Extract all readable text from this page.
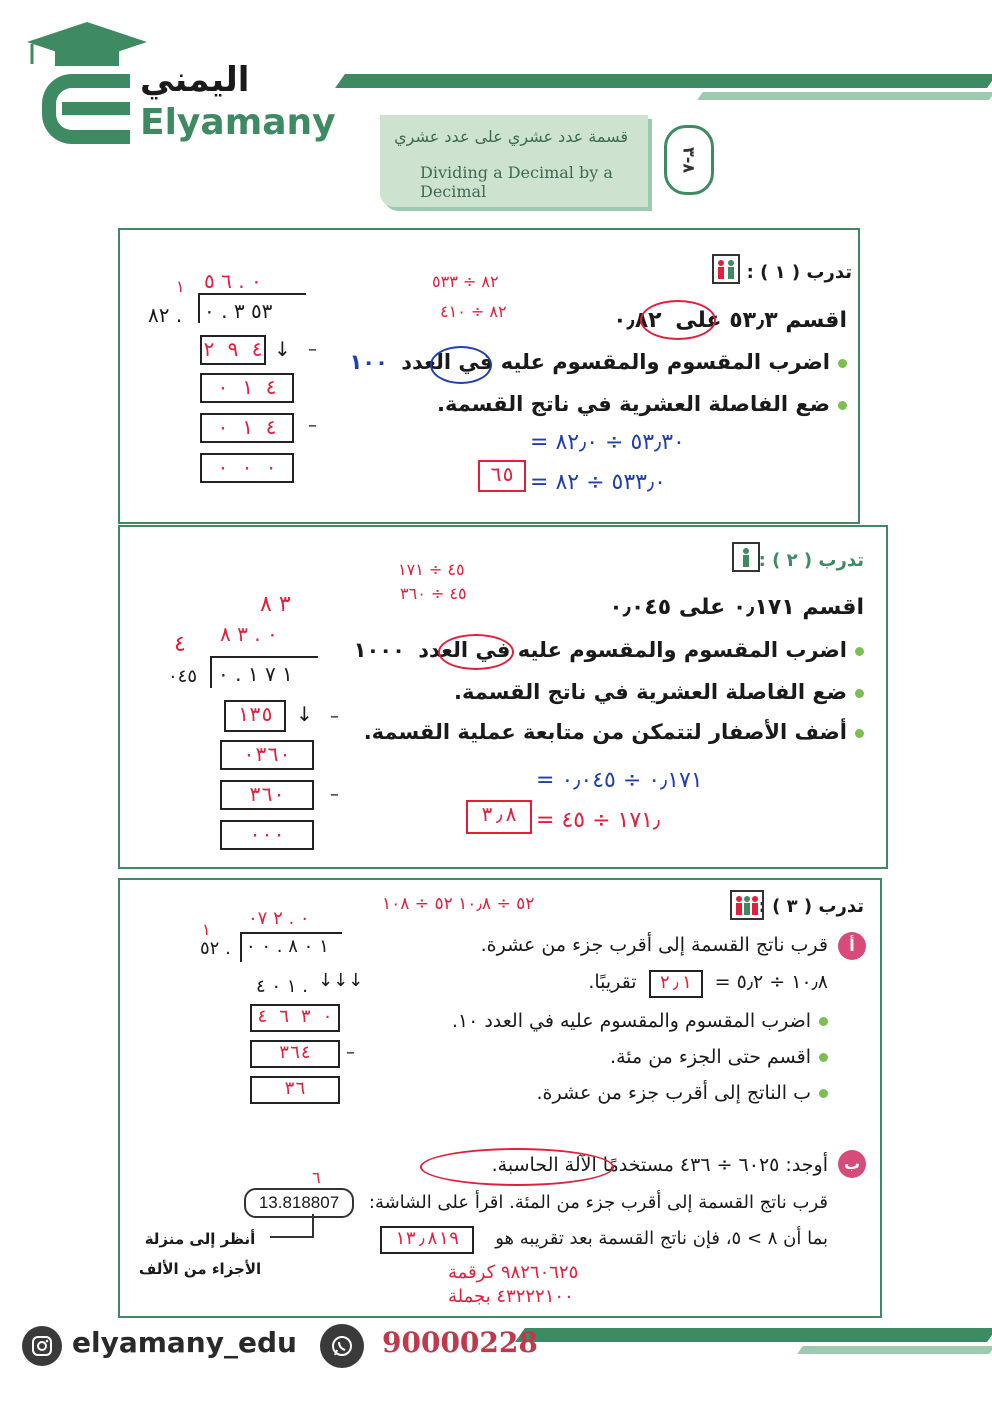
اليمني
Elyamany	قسمة عدد عشري على عدد عشري
Dividing a Decimal by a Decimal
٨-٣
تدرب ( ١ ) :
٨٢ ÷ ٥٣٣
٨٢ ÷ ٤١٠	اقسم ٥٣٫٣ على ٠٫٨٢
اضرب المقسوم والمقسوم عليه في العدد ١٠٠
ضع الفاصلة العشرية في ناتج القسمة.
٥٣٫٣٠ ÷ ٨٢٫٠ =
٥٣٣٫٠ ÷ ٨٢ =
٦٥
١ ٠ . ٦ ٥
٨٢ . ٥٣ ٣ . ٠
٤ ٩ ٢ ↓ –
٤ ١ ٠
٤ ١ ٠	–
٠ ٠ ٠
تدرب ( ٢ ) :
٤٥ ÷ ١٧١
٤٥ ÷ ٣٦٠
اقسم ٠٫١٧١ على ٠٫٠٤٥
اضرب المقسوم والمقسوم عليه في العدد ١٠٠٠
ضع الفاصلة العشرية في ناتج القسمة.
أضف الأصفار لتتمكن من متابعة عملية القسمة.
٠٫١٧١ ÷ ٠٫٠٤٥ =
١٧١٫ ÷ ٤٥ =
٣٫٨
٣ ٨
٤ ٠ . ٣ ٨
٠٤٥ ١ ٧ ١ . ٠
١٣٥	↓ –
٠٣٦٠
٣٦٠	–
٠٠٠
تدرب ( ٣ ) :
٥٢ ÷ ١٠٫٨ ٥٢ ÷ ١٠٨
أ
قرب ناتج القسمة إلى أقرب جزء من عشرة.
١٠٫٨ ÷ ٥٫٢ = ٢٫١ تقريبًا.
اضرب المقسوم والمقسوم عليه في العدد ١٠.
اقسم حتى الجزء من مئة.
ب الناتج إلى أقرب جزء من عشرة.
١
٠ . ٢ ٠٧
٥٢ . ١ ٠ ٨ . ٠ ٠
١ ٠ ٤ . ↓↓↓
٠ ٣ ٦ ٤
٣٦٤	–
٣٦
ب
أوجد: ٦٠٢٥ ÷ ٤٣٦ مستخدمًا الآلة الحاسبة.
قرب ناتج القسمة إلى أقرب جزء من المئة. اقرأ على الشاشة:
13.818807
٦
بما أن ٨ > ٥، فإن ناتج القسمة بعد تقريبه هو
١٣٫٨١٩
أنظر إلى منزلة الأجزاء من الألف	٩٨٢٦٠٦٢٥ كرقمة
٤٣٢٢٢١٠٠ بجملة
elyamany_edu	90000228
